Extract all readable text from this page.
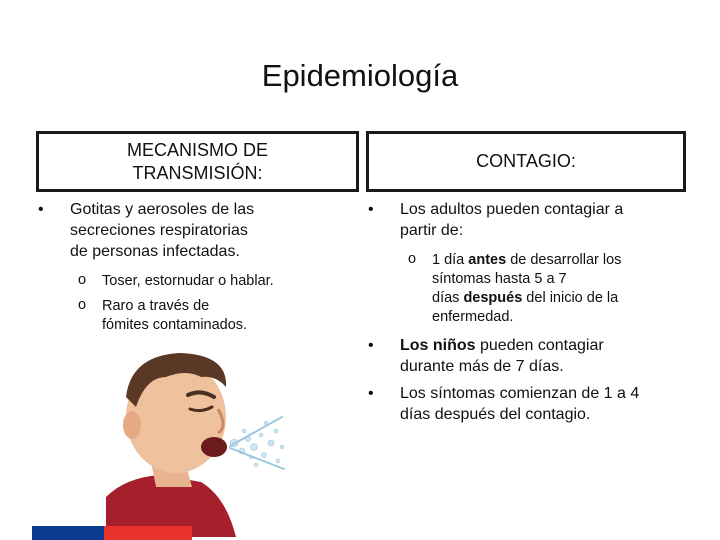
Epidemiología
MECANISMO DE
TRANSMISIÓN:
CONTAGIO:

• Gotitas y aerosoles de las
secreciones respiratorias
de personas infectadas.

o Toser, estornudar o hablar.

o Raro a través de
fómites contaminados.

• Los adultos pueden contagiar a
partir de:

o 1 día antes de desarrollar los
síntomas hasta 5 a 7
días después del inicio de la
enfermedad.

• Los niños pueden contagiar
durante más de 7 días.

• Los síntomas comienzan de 1 a 4
días después del contagio.
